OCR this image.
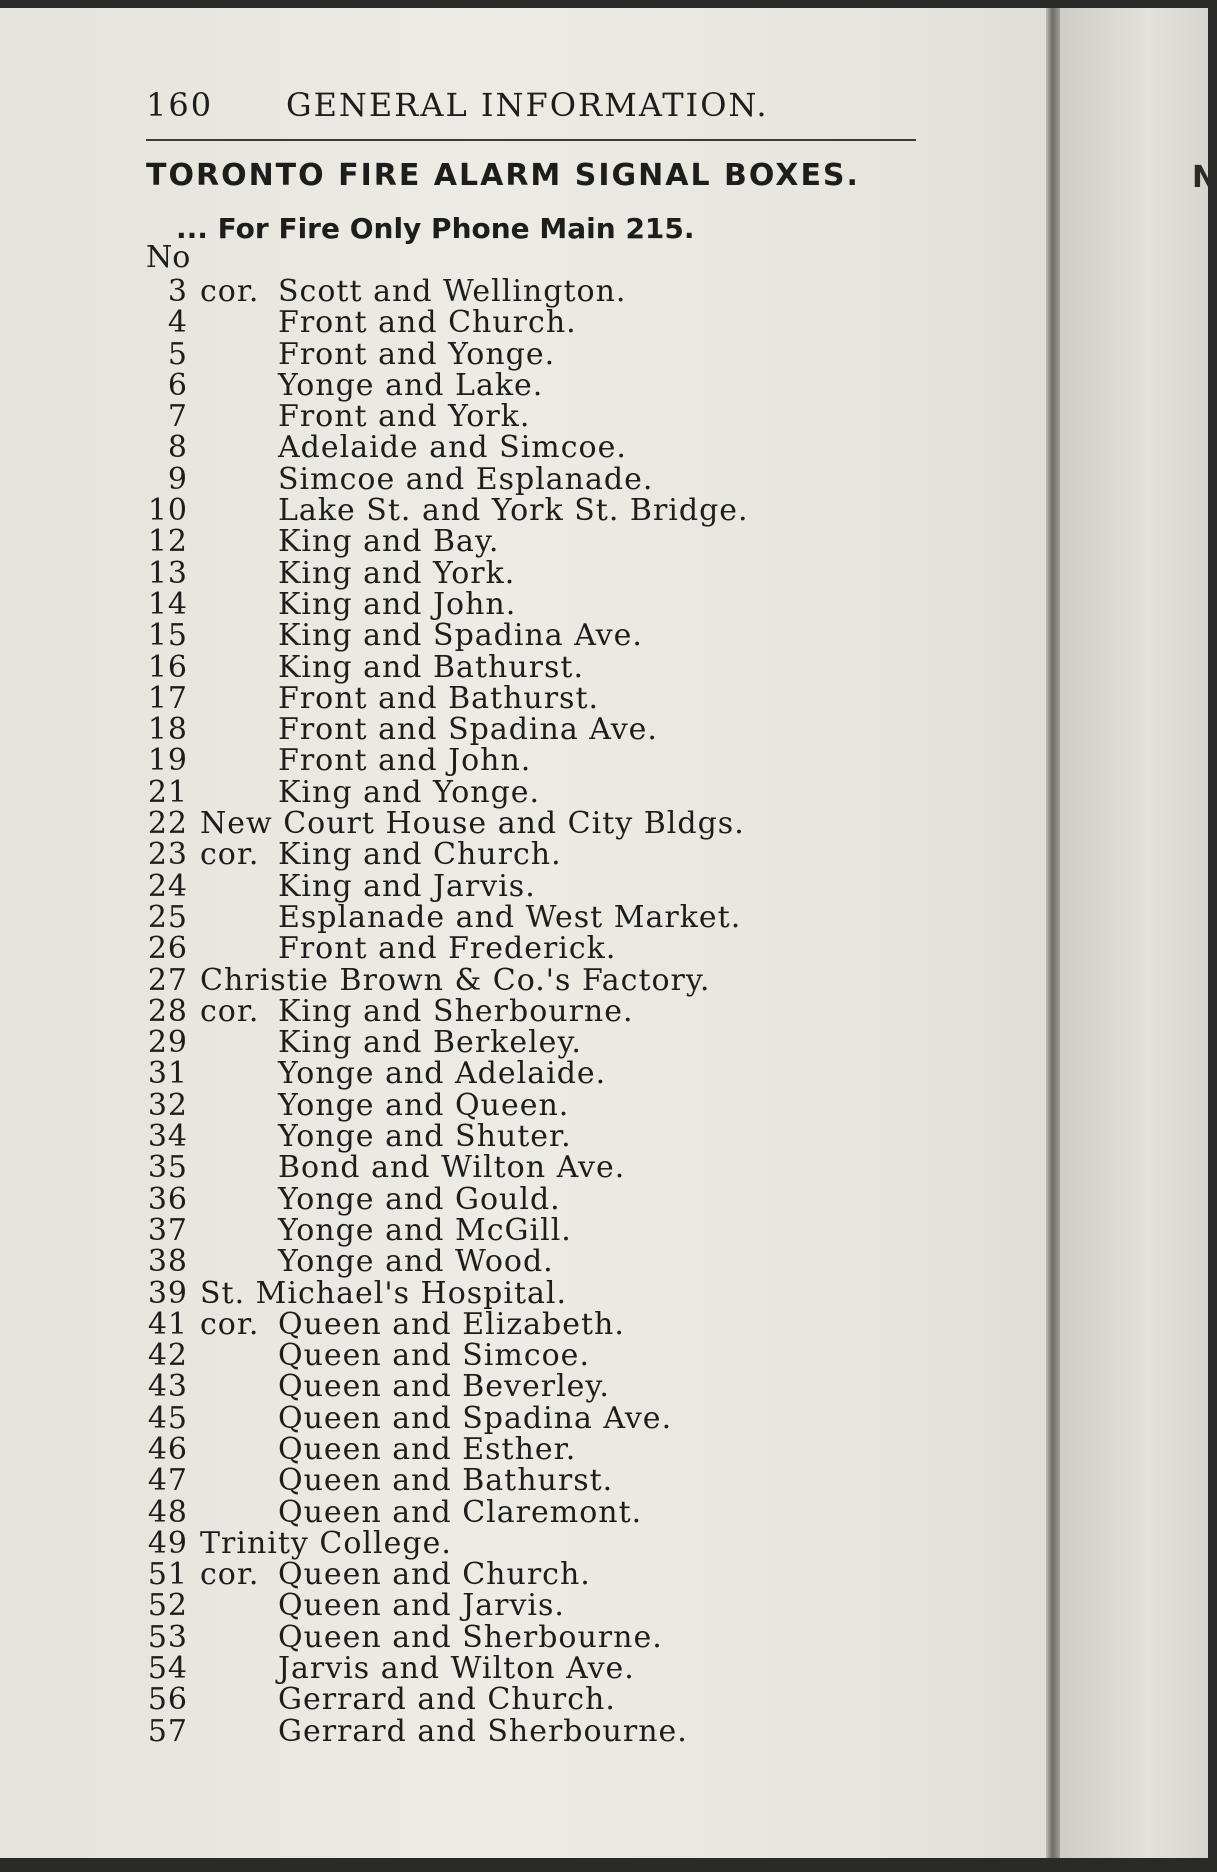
160 GENERAL INFORMATION.
TORONTO FIRE ALARM SIGNAL BOXES.
... For Fire Only Phone Main 215.
No
3 cor. Scott and Wellington.
4	Front and Church.
5	Front and Yonge.
6	Yonge and Lake.
7	Front and York.
8	Adelaide and Simcoe.
9	Simcoe and Esplanade.
10	Lake St. and York St. Bridge.
12	King and Bay.
13	King and York.
14	King and John.
15	King and Spadina Ave.
16	King and Bathurst.
17	Front and Bathurst.
18	Front and Spadina Ave.
19	Front and John.
21	King and Yonge.
22 New Court House and City Bldgs.
23 cor. King and Church.
24	King and Jarvis.
25	Esplanade and West Market.
26	Front and Frederick.
27 Christie Brown & Co.'s Factory.
28 cor. King and Sherbourne.
29	King and Berkeley.
31	Yonge and Adelaide.
32	Yonge and Queen.
34	Yonge and Shuter.
35	Bond and Wilton Ave.
36	Yonge and Gould.
37	Yonge and McGill.
38	Yonge and Wood.
39 St. Michael's Hospital.
41 cor. Queen and Elizabeth.
42	Queen and Simcoe.
43	Queen and Beverley.
45	Queen and Spadina Ave.
46	Queen and Esther.
47	Queen and Bathurst.
48	Queen and Claremont.
49 Trinity College.
51 cor. Queen and Church.
52	Queen and Jarvis.
53	Queen and Sherbourne.
54	Jarvis and Wilton Ave.
56	Gerrard and Church.
57	Gerrard and Sherbourne.
N
